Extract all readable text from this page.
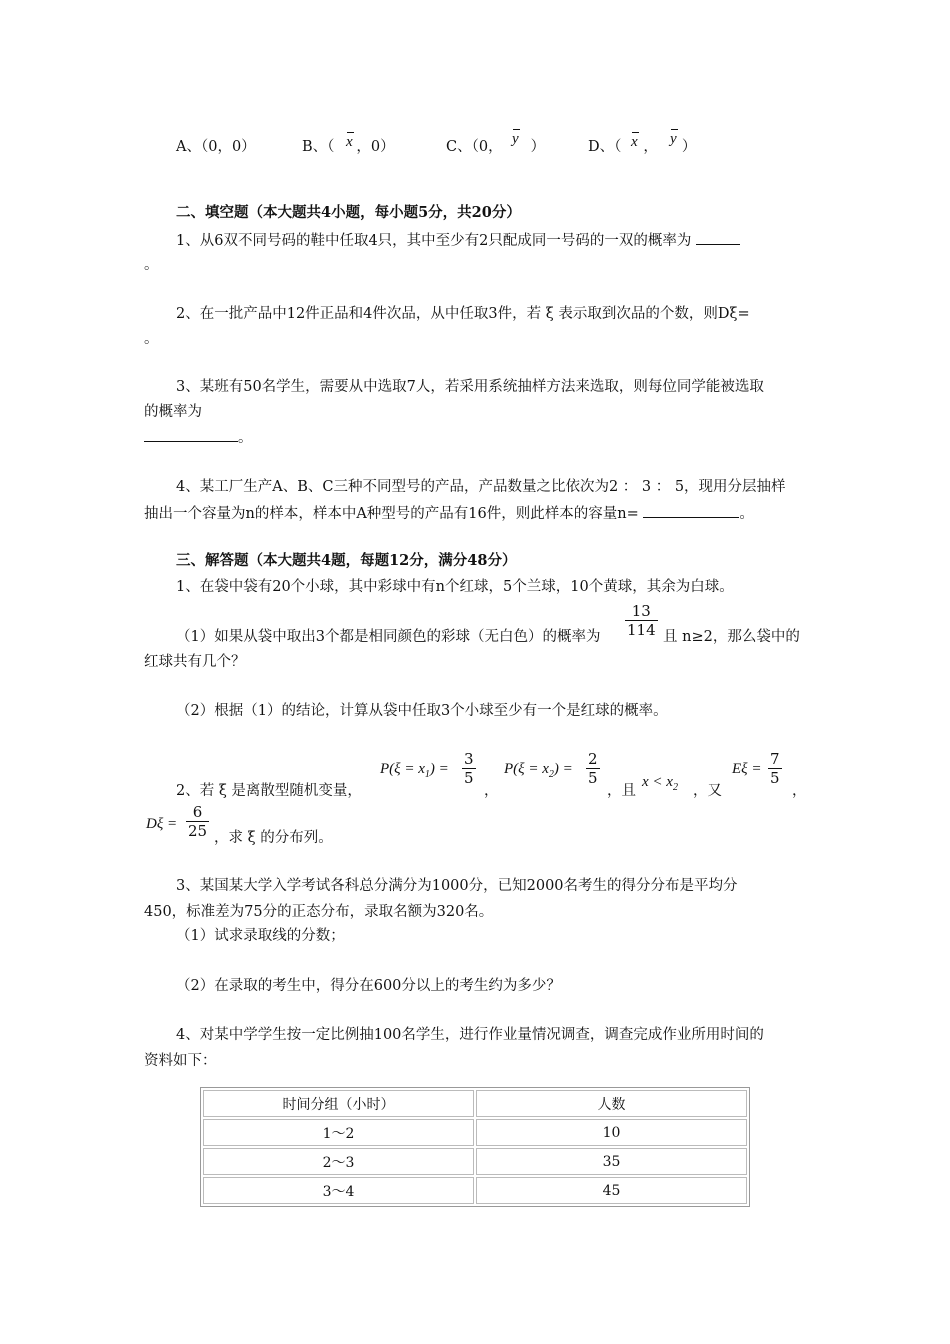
A、（0，0）	B、（ ，0）
x	C、（0， ）
y	D、（ ， ）
x y
二、填空题（本大题共4小题，每小题5分，共20分）
1、从6双不同号码的鞋中任取4只，其中至少有2只配成同一号码的一双的概率为
。
2、在一批产品中12件正品和4件次品，从中任取3件，若 ξ 表示取到次品的个数，则Dξ=
。
3、某班有50名学生，需要从中选取7人，若采用系统抽样方法来选取，则每位同学能被选取
的概率为
。
4、某工厂生产A、B、C三种不同型号的产品，产品数量之比依次为2 ： 3 ： 5，现用分层抽样
抽出一个容量为n的样本，样本中A种型号的产品有16件，则此样本的容量n=	。
三、解答题（本大题共4题，每题12分，满分48分）
1、在袋中袋有20个小球，其中彩球中有n个红球，5个兰球，10个黄球，其余为白球。
$\frac{13}{114}$
（1）如果从袋中取出3个都是相同颜色的彩球（无白色）的概率为	且 n≥2，那么袋中的
红球共有几个？
（2）根据（1）的结论，计算从袋中任取3个小球至少有一个是红球的概率。
2、若 ξ 是离散型随机变量，
$P(\xi = x_1) = \frac{3}{5}$
，
$P(\xi = x_2) = \frac{2}{5}$
，且
$x < x_2$ ，又
$E\xi = \frac{7}{5}$
，
$D\xi = \frac{6}{25}$ ，求 ξ 的分布列。
3、某国某大学入学考试各科总分满分为1000分，已知2000名考生的得分分布是平均分
450，标准差为75分的正态分布，录取名额为320名。
（1）试求录取线的分数；
（2）在录取的考生中，得分在600分以上的考生约为多少？
4、对某中学学生按一定比例抽100名学生，进行作业量情况调查，调查完成作业所用时间的
资料如下：
时间分组（小时）	人数
1～2	10
2～3	35
3～4	45
